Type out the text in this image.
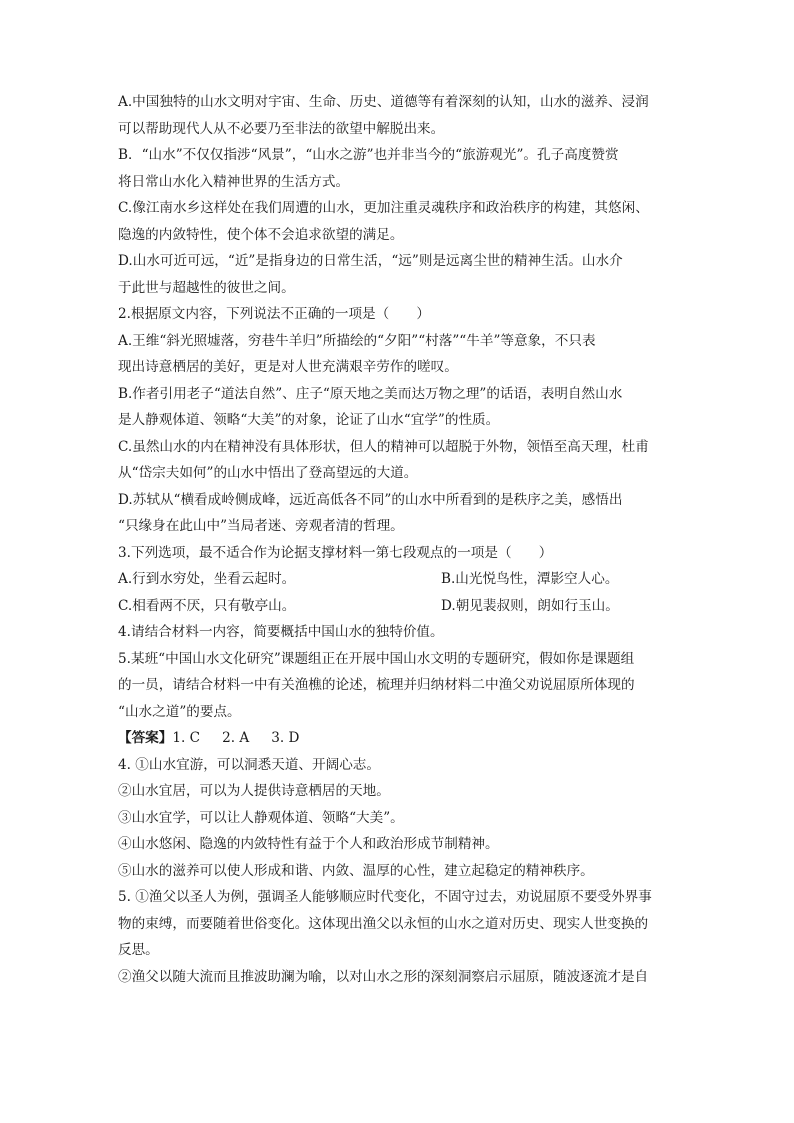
A.中国独特的山水文明对宇宙、生命、历史、道德等有着深刻的认知，山水的滋养、浸润
可以帮助现代人从不必要乃至非法的欲望中解脱出来。
B．“山水”不仅仅指涉“风景”，“山水之游”也并非当今的“旅游观光”。孔子高度赞赏
将日常山水化入精神世界的生活方式。
C.像江南水乡这样处在我们周遭的山水，更加注重灵魂秩序和政治秩序的构建，其悠闲、
隐逸的内敛特性，使个体不会追求欲望的满足。
D.山水可近可远，“近”是指身边的日常生活，“远”则是远离尘世的精神生活。山水介
于此世与超越性的彼世之间。
2.根据原文内容，下列说法不正确的一项是（　　）
A.王维“斜光照墟落，穷巷牛羊归”所描绘的“夕阳”“村落”“牛羊”等意象，不只表
现出诗意栖居的美好，更是对人世充满艰辛劳作的嗟叹。
B.作者引用老子“道法自然”、庄子“原天地之美而达万物之理”的话语，表明自然山水
是人静观体道、领略“大美”的对象，论证了山水“宜学”的性质。
C.虽然山水的内在精神没有具体形状，但人的精神可以超脱于外物，领悟至高天理，杜甫
从“岱宗夫如何”的山水中悟出了登高望远的大道。
D.苏轼从“横看成岭侧成峰，远近高低各不同”的山水中所看到的是秩序之美，感悟出
“只缘身在此山中”当局者迷、旁观者清的哲理。
3.下列选项，最不适合作为论据支撑材料一第七段观点的一项是（　　）
A.行到水穷处，坐看云起时。	B.山光悦鸟性，潭影空人心。
C.相看两不厌，只有敬亭山。	D.朝见裴叔则，朗如行玉山。
4.请结合材料一内容，简要概括中国山水的独特价值。
5.某班“中国山水文化研究”课题组正在开展中国山水文明的专题研究，假如你是课题组
的一员，请结合材料一中有关渔樵的论述，梳理并归纳材料二中渔父劝说屈原所体现的
“山水之道”的要点。
【答案】1. C 2. A 3. D
4. ①山水宜游，可以洞悉天道、开阔心志。
②山水宜居，可以为人提供诗意栖居的天地。
③山水宜学，可以让人静观体道、领略“大美”。
④山水悠闲、隐逸的内敛特性有益于个人和政治形成节制精神。
⑤山水的滋养可以使人形成和谐、内敛、温厚的心性，建立起稳定的精神秩序。
5. ①渔父以圣人为例，强调圣人能够顺应时代变化，不固守过去，劝说屈原不要受外界事
物的束缚，而要随着世俗变化。这体现出渔父以永恒的山水之道对历史、现实人世变换的
反思。
②渔父以随大流而且推波助澜为喻，以对山水之形的深刻洞察启示屈原，随波逐流才是自
